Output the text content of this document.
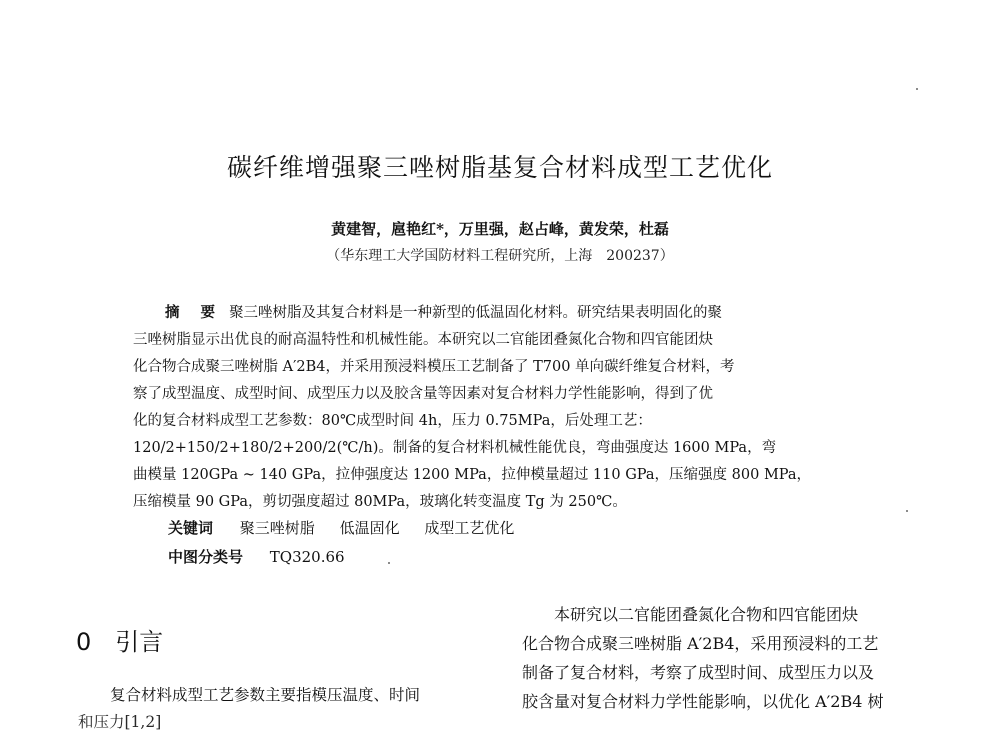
碳纤维增强聚三唑树脂基复合材料成型工艺优化
黄建智，扈艳红*，万里强，赵占峰，黄发荣，杜磊
（华东理工大学国防材料工程研究所，上海　200237）
摘 要 聚三唑树脂及其复合材料是一种新型的低温固化材料。研究结果表明固化的聚
三唑树脂显示出优良的耐高温特性和机械性能。本研究以二官能团叠氮化合物和四官能团炔
化合物合成聚三唑树脂 A′2B4，并采用预浸料模压工艺制备了 T700 单向碳纤维复合材料，考
察了成型温度、成型时间、成型压力以及胶含量等因素对复合材料力学性能影响，得到了优
化的复合材料成型工艺参数：80℃成型时间 4h，压力 0.75MPa，后处理工艺：
120/2+150/2+180/2+200/2(℃/h)。制备的复合材料机械性能优良，弯曲强度达 1600 MPa，弯
曲模量 120GPa ~ 140 GPa，拉伸强度达 1200 MPa，拉伸模量超过 110 GPa，压缩强度 800 MPa，
压缩模量 90 GPa，剪切强度超过 80MPa，玻璃化转变温度 Tg 为 250℃。
关键词 聚三唑树脂 低温固化 成型工艺优化
中图分类号 TQ320.66
0 引言
复合材料成型工艺参数主要指模压温度、时间
和压力[1,2]
本研究以二官能团叠氮化合物和四官能团炔
化合物合成聚三唑树脂 A′2B4，采用预浸料的工艺
制备了复合材料，考察了成型时间、成型压力以及
胶含量对复合材料力学性能影响，以优化 A′2B4 树
